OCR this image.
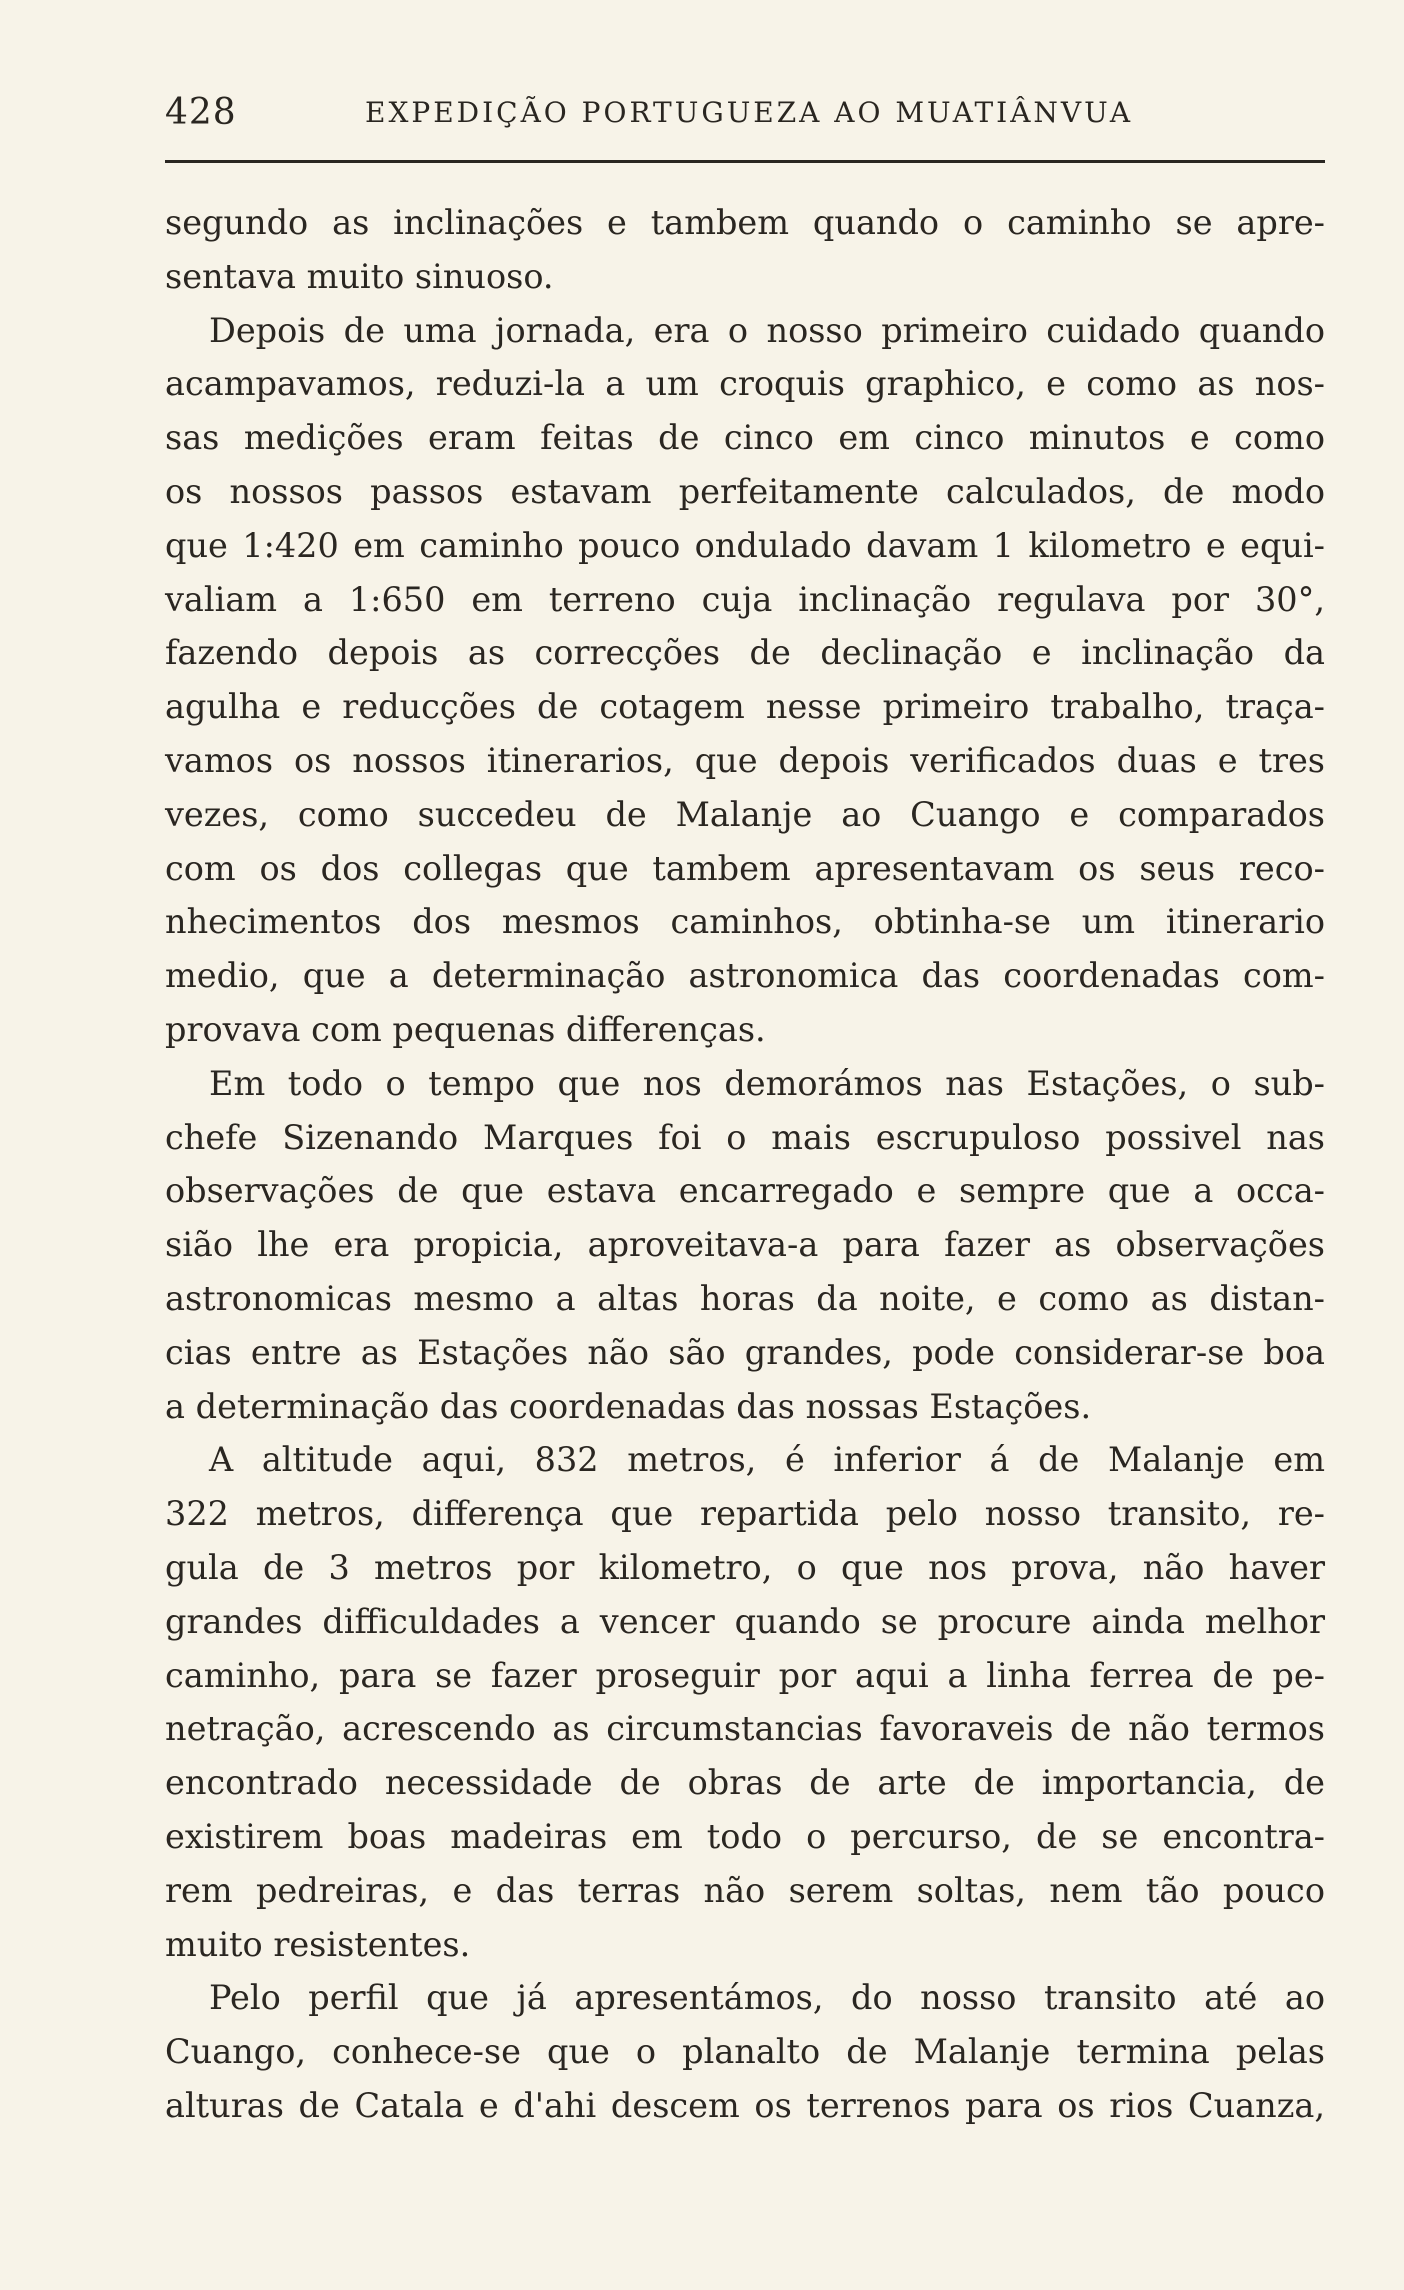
428	EXPEDIÇÃO PORTUGUEZA AO MUATIÂNVUA
segundo as inclinações e tambem quando o caminho se apre-
sentava muito sinuoso.
Depois de uma jornada, era o nosso primeiro cuidado quando
acampavamos, reduzi-la a um croquis graphico, e como as nos-
sas medições eram feitas de cinco em cinco minutos e como
os nossos passos estavam perfeitamente calculados, de modo
que 1:420 em caminho pouco ondulado davam 1 kilometro e equi-
valiam a 1:650 em terreno cuja inclinação regulava por 30°,
fazendo depois as correcções de declinação e inclinação da
agulha e reducções de cotagem nesse primeiro trabalho, traça-
vamos os nossos itinerarios, que depois verificados duas e tres
vezes, como succedeu de Malanje ao Cuango e comparados
com os dos collegas que tambem apresentavam os seus reco-
nhecimentos dos mesmos caminhos, obtinha-se um itinerario
medio, que a determinação astronomica das coordenadas com-
provava com pequenas differenças.
Em todo o tempo que nos demorámos nas Estações, o sub-
chefe Sizenando Marques foi o mais escrupuloso possivel nas
observações de que estava encarregado e sempre que a occa-
sião lhe era propicia, aproveitava-a para fazer as observações
astronomicas mesmo a altas horas da noite, e como as distan-
cias entre as Estações não são grandes, pode considerar-se boa
a determinação das coordenadas das nossas Estações.
A altitude aqui, 832 metros, é inferior á de Malanje em
322 metros, differença que repartida pelo nosso transito, re-
gula de 3 metros por kilometro, o que nos prova, não haver
grandes difficuldades a vencer quando se procure ainda melhor
caminho, para se fazer proseguir por aqui a linha ferrea de pe-
netração, acrescendo as circumstancias favoraveis de não termos
encontrado necessidade de obras de arte de importancia, de
existirem boas madeiras em todo o percurso, de se encontra-
rem pedreiras, e das terras não serem soltas, nem tão pouco
muito resistentes.
Pelo perfil que já apresentámos, do nosso transito até ao
Cuango, conhece-se que o planalto de Malanje termina pelas
alturas de Catala e d'ahi descem os terrenos para os rios Cuanza,
